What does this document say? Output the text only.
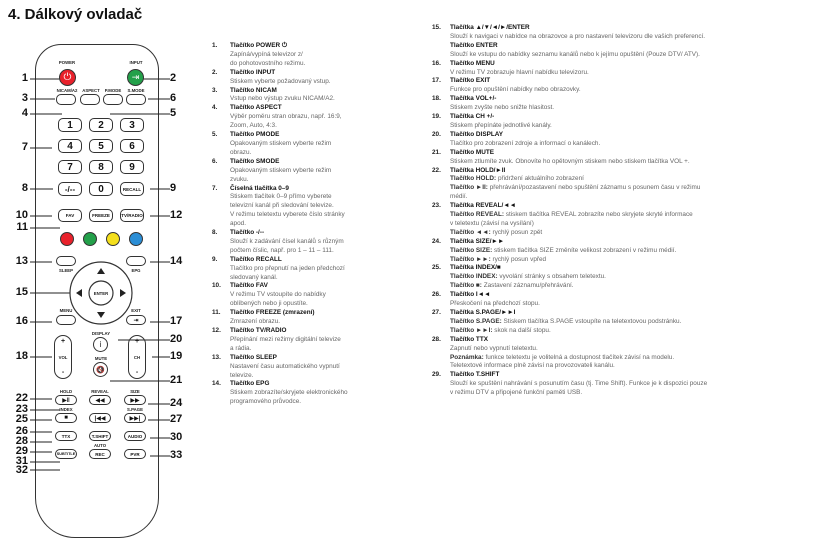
4. Dálkový ovladač
1
3
4
7
8
10
11
13
15
16
18
22
23
25
26
28
29
31
32
2
6
5
9
12
14
20
17
19
21
24
27
30
33
POWER	INPUT
⏻	⇥
NICAM/A2	ASPECT	P.MODE	S.MODE
1	2	3
4	5	6
7	8	9
-/--	0	RECALL
FAV	FREEZE	TV/RADIO
SLEEP	EPG
ENTER
MENU	EXIT
⇥
DISPLAY
i
MUTE
🔇
+
VOL
-
+
CH
-
HOLD	REVEAL	SIZE
▶‖	◀◀	▶▶
INDEX	S.PAGE
■	|◀◀	▶▶|
TTX	T.SHIFT	AUDIO
AUTO
SUBTITLE	REC	PVR
1.	Tlačítko POWER ⏻
Zapíná/vypíná televizor z/
do pohotovostního režimu.
2.	Tlačítko INPUT
Stiskem vyberte požadovaný vstup.
3.	Tlačítko NICAM
Vstup nebo výstup zvuku NICAM/A2.
4.	Tlačítko ASPECT
Výběr poměru stran obrazu, např. 16:9,
Zoom, Auto, 4:3.
5.	Tlačítko PMODE
Opakovaným stiskem vyberte režim
obrazu.
6.	Tlačítko SMODE
Opakovaným stiskem vyberte režim
zvuku.
7.	Číselná tlačítka 0–9
Stiskem tlačítek 0–9 přímo vyberete
televizní kanál při sledování televize.
V režimu teletextu vyberete číslo stránky
apod.
8.	Tlačítko -/--
Slouží k zadávání čísel kanálů s různým
počtem číslic, např. pro 1 – 11 – 111.
9.	Tlačítko RECALL
Tlačítko pro přepnutí na jeden předchozí
sledovaný kanál.
10.	Tlačítko FAV
V režimu TV vstoupíte do nabídky
oblíbených nebo ji opustíte.
11.	Tlačítko FREEZE (zmrazení)
Zmrazení obrazu.
12.	Tlačítko TV/RADIO
Přepínání mezi režimy digitální televize
a rádia.
13.	Tlačítko SLEEP
Nastavení času automatického vypnutí
televize.
14.	Tlačítko EPG
Stiskem zobrazíte/skryjete elektronického
programového průvodce.
15.	Tlačítka ▲/▼/◄/►/ENTER
Slouží k navigaci v nabídce na obrazovce a pro nastavení televizoru dle vašich preferencí.
Tlačítko ENTER
Slouží ke vstupu do nabídky seznamu kanálů nebo k jejímu opuštění (Pouze DTV/ ATV).
16.	Tlačítko MENU
V režimu TV zobrazuje hlavní nabídku televizoru.
17.	Tlačítko EXIT
Funkce pro opuštění nabídky nebo obrazovky.
18.	Tlačítka VOL+/-
Stiskem zvyšte nebo snižte hlasitost.
19.	Tlačítka CH +/-
Stiskem přepínáte jednotlivé kanály.
20.	Tlačítko DISPLAY
Tlačítko pro zobrazení zdroje a informací o kanálech.
21.	Tlačítko MUTE
Stiskem ztlumíte zvuk. Obnovíte ho opětovným stiskem nebo stiskem tlačítka VOL +.
22.	Tlačítka HOLD/►II
Tlačítko HOLD: přidržení aktuálního zobrazení
Tlačítko ►II: přehrávání/pozastavení nebo spuštění záznamu s posunem času v režimu
médií.
23.	Tlačítka REVEAL/◄◄
Tlačítko REVEAL: stiskem tlačítka REVEAL zobrazíte nebo skryjete skryté informace
v teletextu (závisí na vysílání)
Tlačítko ◄◄: rychlý posun zpět
24.	Tlačítka SIZE/►►
Tlačítko SIZE: stiskem tlačítka SIZE změníte velikost zobrazení v režimu médií.
Tlačítko ►►: rychlý posun vpřed
25.	Tlačítka INDEX/■
Tlačítko INDEX: vyvolání stránky s obsahem teletextu.
Tlačítko ■: Zastavení záznamu/přehrávání.
26.	Tlačítko I◄◄
Přeskočení na předchozí stopu.
27.	Tlačítka S.PAGE/►►I
Tlačítko S.PAGE: Stiskem tlačítka S.PAGE vstoupíte na teletextovou podstránku.
Tlačítko ►►I: skok na další stopu.
28.	Tlačítko TTX
Zapnutí nebo vypnutí teletextu.
Poznámka: funkce teletextu je volitelná a dostupnost tlačítek závisí na modelu.
Teletextové informace plně závisí na provozovateli kanálu.
29.	Tlačítko T.SHIFT
Slouží ke spuštění nahrávání s posunutím času (tj. Time Shift). Funkce je k dispozici pouze
v režimu DTV a připojené funkční paměti USB.
